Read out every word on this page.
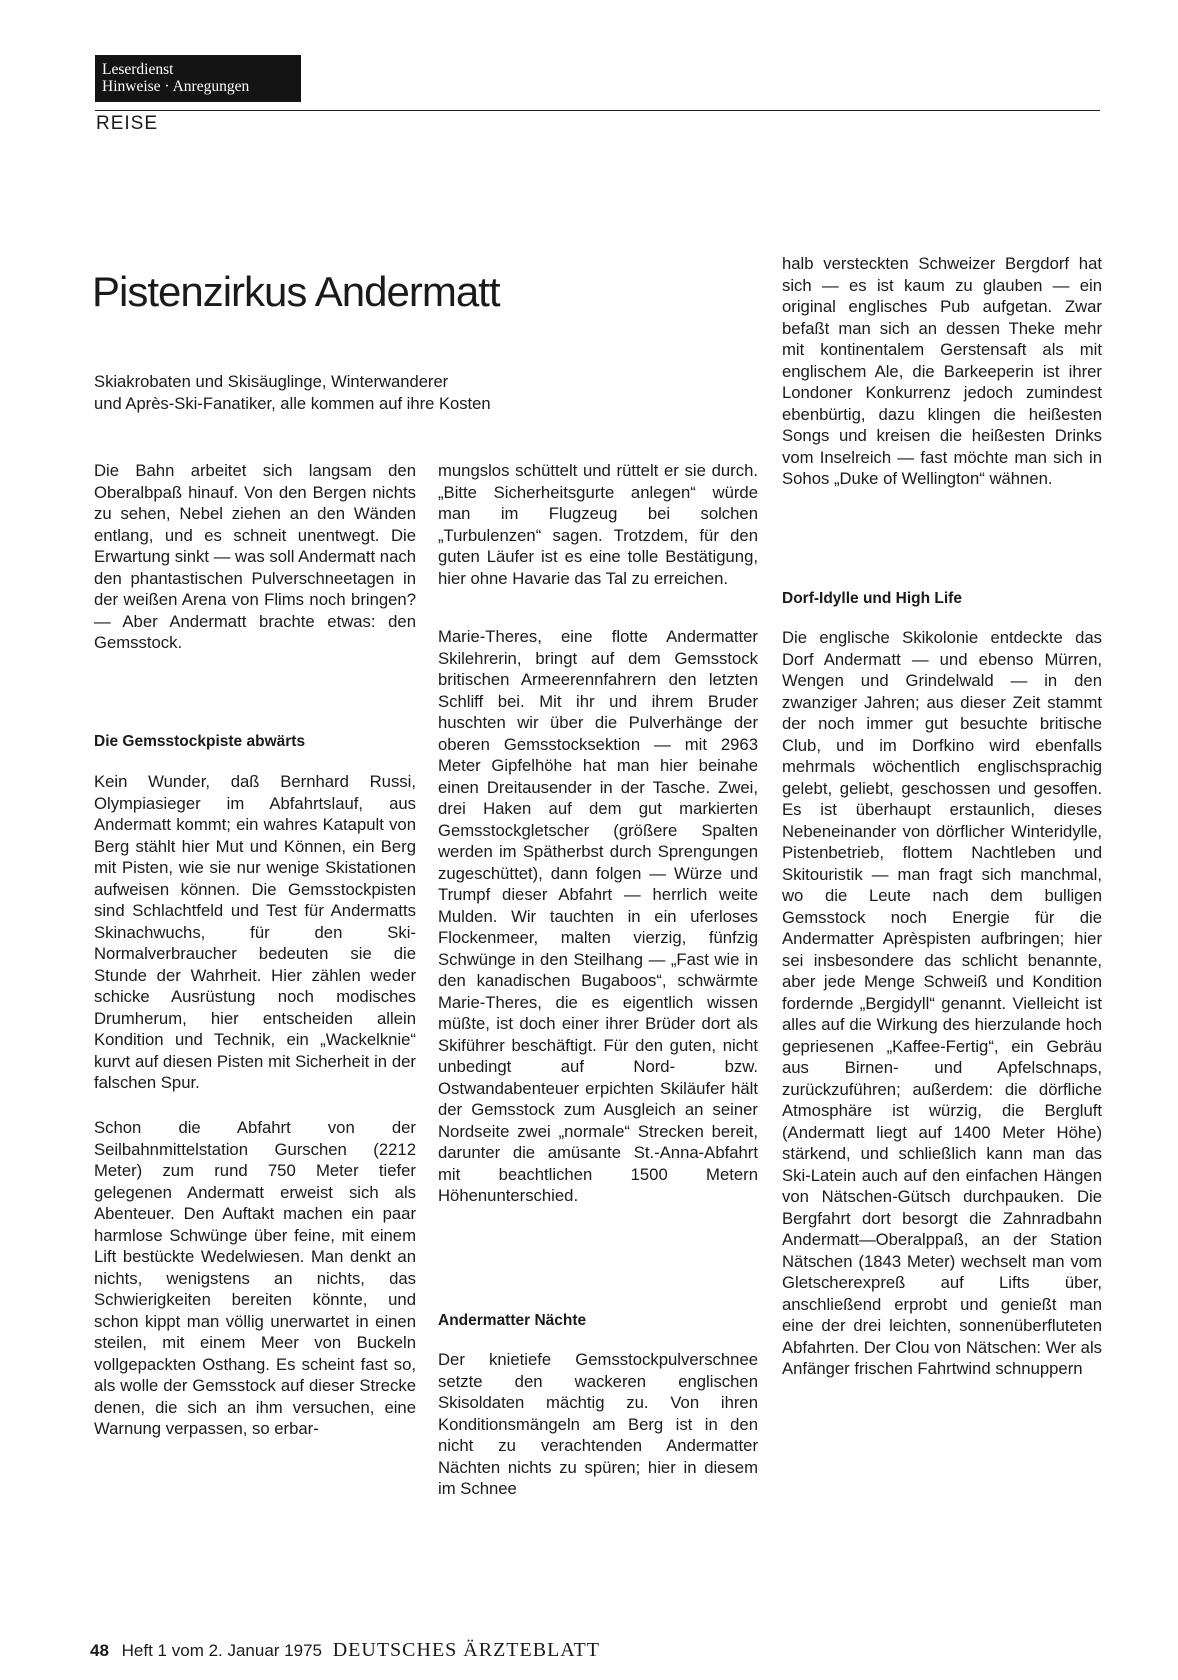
Leserdienst
Hinweise · Anregungen
REISE
Pistenzirkus Andermatt
Skiakrobaten und Skisäuglinge, Winterwanderer
und Après-Ski-Fanatiker, alle kommen auf ihre Kosten

Die Bahn arbeitet sich langsam den Oberalbpaß hinauf. Von den Bergen nichts zu sehen, Nebel ziehen an den Wänden entlang, und es schneit unentwegt. Die Erwartung sinkt — was soll Andermatt nach den phantastischen Pulverschneetagen in der weißen Arena von Flims noch bringen? — Aber Andermatt brachte etwas: den Gemsstock.

Die Gemsstockpiste abwärts

Kein Wunder, daß Bernhard Russi, Olympiasieger im Abfahrtslauf, aus Andermatt kommt; ein wahres Katapult von Berg stählt hier Mut und Können, ein Berg mit Pisten, wie sie nur wenige Skistationen aufweisen können. Die Gemsstockpisten sind Schlachtfeld und Test für Andermatts Skinachwuchs, für den Ski-Normalverbraucher bedeuten sie die Stunde der Wahrheit. Hier zählen weder schicke Ausrüstung noch modisches Drumherum, hier entscheiden allein Kondition und Technik, ein „Wackelknie“ kurvt auf diesen Pisten mit Sicherheit in der falschen Spur.

Schon die Abfahrt von der Seilbahnmittelstation Gurschen (2212 Meter) zum rund 750 Meter tiefer gelegenen Andermatt erweist sich als Abenteuer. Den Auftakt machen ein paar harmlose Schwünge über feine, mit einem Lift bestückte Wedelwiesen. Man denkt an nichts, wenigstens an nichts, das Schwierigkeiten bereiten könnte, und schon kippt man völlig unerwartet in einen steilen, mit einem Meer von Buckeln vollgepackten Osthang. Es scheint fast so, als wolle der Gemsstock auf dieser Strecke denen, die sich an ihm versuchen, eine Warnung verpassen, so erbar-

mungslos schüttelt und rüttelt er sie durch. „Bitte Sicherheitsgurte anlegen“ würde man im Flugzeug bei solchen „Turbulenzen“ sagen. Trotzdem, für den guten Läufer ist es eine tolle Bestätigung, hier ohne Havarie das Tal zu erreichen.

Marie-Theres, eine flotte Andermatter Skilehrerin, bringt auf dem Gemsstock britischen Armeerennfahrern den letzten Schliff bei. Mit ihr und ihrem Bruder huschten wir über die Pulverhänge der oberen Gemsstocksektion — mit 2963 Meter Gipfelhöhe hat man hier beinahe einen Dreitausender in der Tasche. Zwei, drei Haken auf dem gut markierten Gemsstockgletscher (größere Spalten werden im Spätherbst durch Sprengungen zugeschüttet), dann folgen — Würze und Trumpf dieser Abfahrt — herrlich weite Mulden. Wir tauchten in ein uferloses Flockenmeer, malten vierzig, fünfzig Schwünge in den Steilhang — „Fast wie in den kanadischen Bugaboos“, schwärmte Marie-Theres, die es eigentlich wissen müßte, ist doch einer ihrer Brüder dort als Skiführer beschäftigt. Für den guten, nicht unbedingt auf Nord- bzw. Ostwandabenteuer erpichten Skiläufer hält der Gemsstock zum Ausgleich an seiner Nordseite zwei „normale“ Strecken bereit, darunter die amüsante St.-Anna-Abfahrt mit beachtlichen 1500 Metern Höhenunterschied.

Andermatter Nächte

Der knietiefe Gemsstockpulverschnee setzte den wackeren englischen Skisoldaten mächtig zu. Von ihren Konditionsmängeln am Berg ist in den nicht zu verachtenden Andermatter Nächten nichts zu spüren; hier in diesem im Schnee

halb versteckten Schweizer Bergdorf hat sich — es ist kaum zu glauben — ein original englisches Pub aufgetan. Zwar befaßt man sich an dessen Theke mehr mit kontinentalem Gerstensaft als mit englischem Ale, die Barkeeperin ist ihrer Londoner Konkurrenz jedoch zumindest ebenbürtig, dazu klingen die heißesten Songs und kreisen die heißesten Drinks vom Inselreich — fast möchte man sich in Sohos „Duke of Wellington“ wähnen.

Dorf-Idylle und High Life

Die englische Skikolonie entdeckte das Dorf Andermatt — und ebenso Mürren, Wengen und Grindelwald — in den zwanziger Jahren; aus dieser Zeit stammt der noch immer gut besuchte britische Club, und im Dorfkino wird ebenfalls mehrmals wöchentlich englischsprachig gelebt, geliebt, geschossen und gesoffen. Es ist überhaupt erstaunlich, dieses Nebeneinander von dörflicher Winteridylle, Pistenbetrieb, flottem Nachtleben und Skitouristik — man fragt sich manchmal, wo die Leute nach dem bulligen Gemsstock noch Energie für die Andermatter Aprèspisten aufbringen; hier sei insbesondere das schlicht benannte, aber jede Menge Schweiß und Kondition fordernde „Bergidyll“ genannt. Vielleicht ist alles auf die Wirkung des hierzulande hoch gepriesenen „Kaffee-Fertig“, ein Gebräu aus Birnen- und Apfelschnaps, zurückzuführen; außerdem: die dörfliche Atmosphäre ist würzig, die Bergluft (Andermatt liegt auf 1400 Meter Höhe) stärkend, und schließlich kann man das Ski-Latein auch auf den einfachen Hängen von Nätschen-Gütsch durchpauken. Die Bergfahrt dort besorgt die Zahnradbahn Andermatt—Oberalppaß, an der Station Nätschen (1843 Meter) wechselt man vom Gletscherexpreß auf Lifts über, anschließend erprobt und genießt man eine der drei leichten, sonnenüberfluteten Abfahrten. Der Clou von Nätschen: Wer als Anfänger frischen Fahrtwind schnuppern

48 Heft 1 vom 2. Januar 1975 DEUTSCHES ÄRZTEBLATT
